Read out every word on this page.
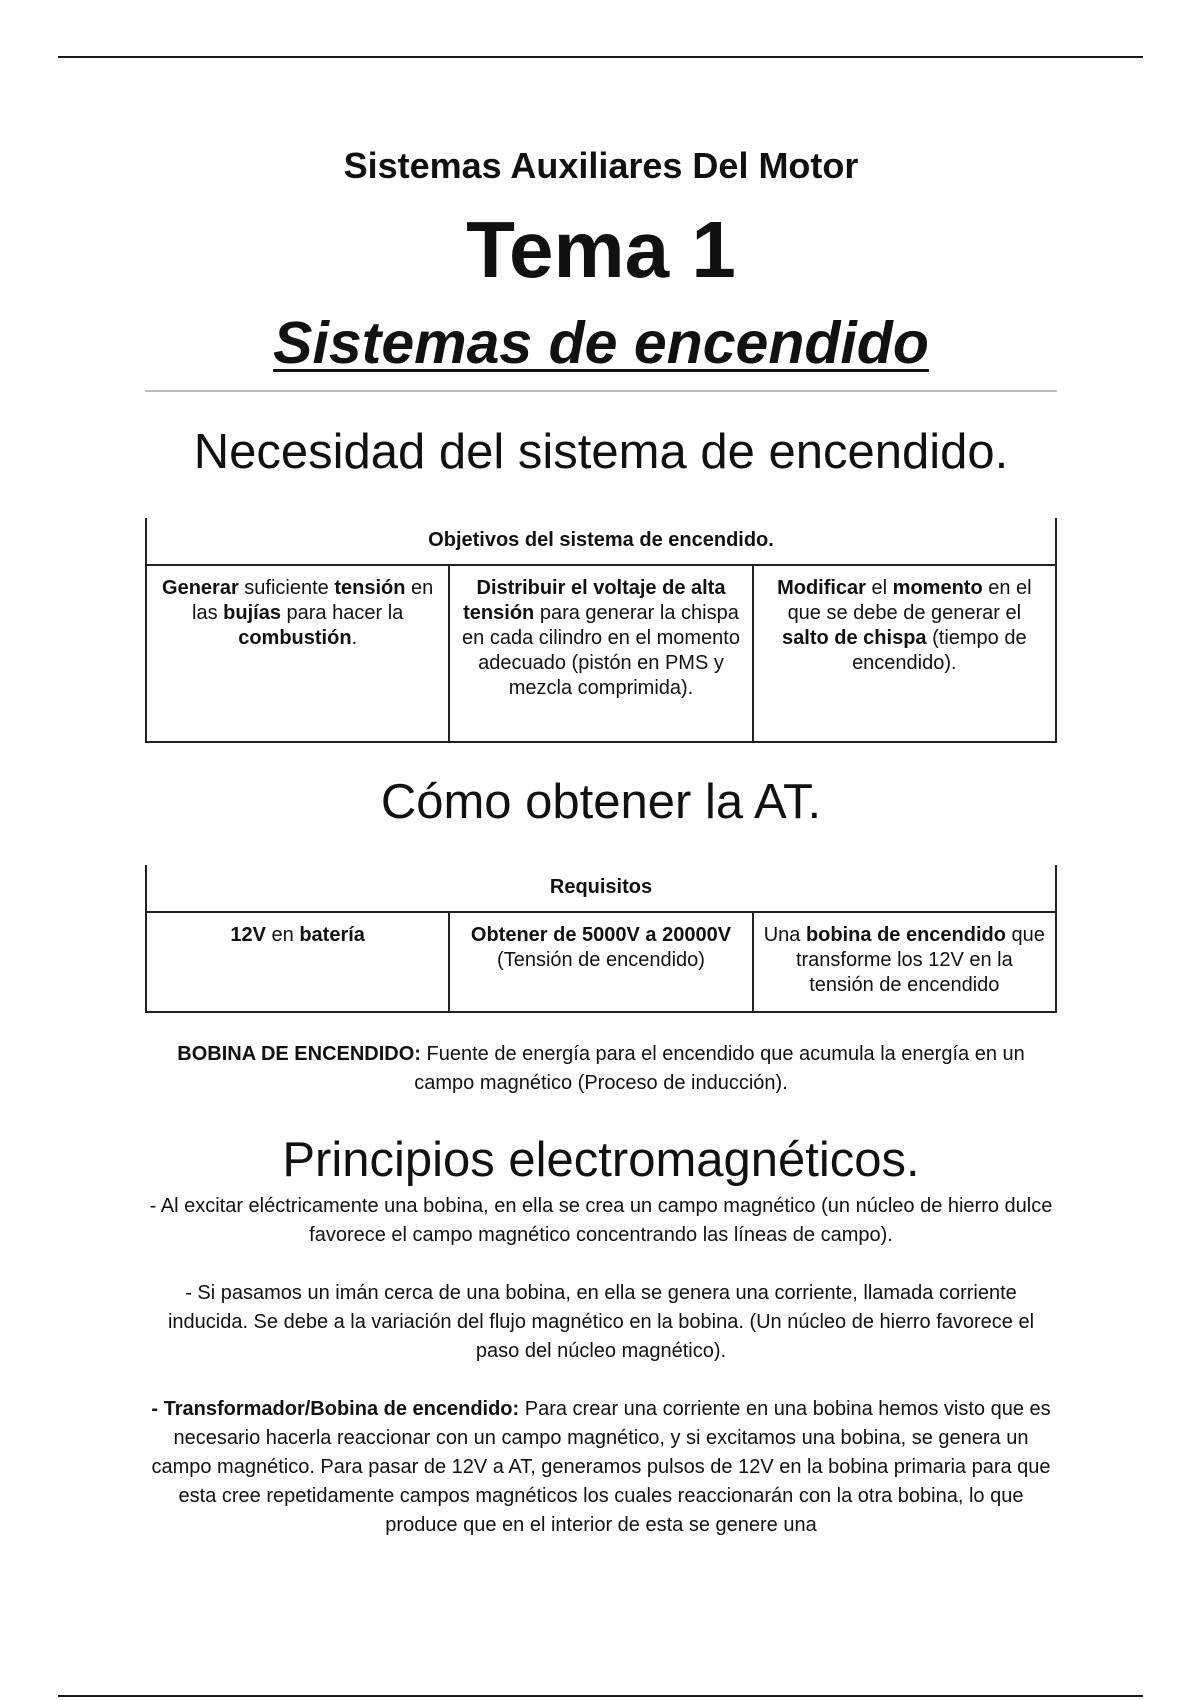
Sistemas Auxiliares Del Motor
Tema 1
Sistemas de encendido
Necesidad del sistema de encendido.
Objetivos del sistema de encendido.
Generar suficiente tensión en las bujías para hacer la combustión.	Distribuir el voltaje de alta tensión para generar la chispa en cada cilindro en el momento adecuado (pistón en PMS y mezcla comprimida).	Modificar el momento en el que se debe de generar el salto de chispa (tiempo de encendido).
Cómo obtener la AT.
Requisitos
12V en batería	Obtener de 5000V a 20000V (Tensión de encendido)	Una bobina de encendido que transforme los 12V en la tensión de encendido
BOBINA DE ENCENDIDO: Fuente de energía para el encendido que acumula la energía en un campo magnético (Proceso de inducción).
Principios electromagnéticos.

- Al excitar eléctricamente una bobina, en ella se crea un campo magnético (un núcleo de hierro dulce favorece el campo magnético concentrando las líneas de campo).

- Si pasamos un imán cerca de una bobina, en ella se genera una corriente, llamada corriente inducida. Se debe a la variación del flujo magnético en la bobina. (Un núcleo de hierro favorece el paso del núcleo magnético).

- Transformador/Bobina de encendido: Para crear una corriente en una bobina hemos visto que es necesario hacerla reaccionar con un campo magnético, y si excitamos una bobina, se genera un campo magnético. Para pasar de 12V a AT, generamos pulsos de 12V en la bobina primaria para que esta cree repetidamente campos magnéticos los cuales reaccionarán con la otra bobina, lo que produce que en el interior de esta se genere una
